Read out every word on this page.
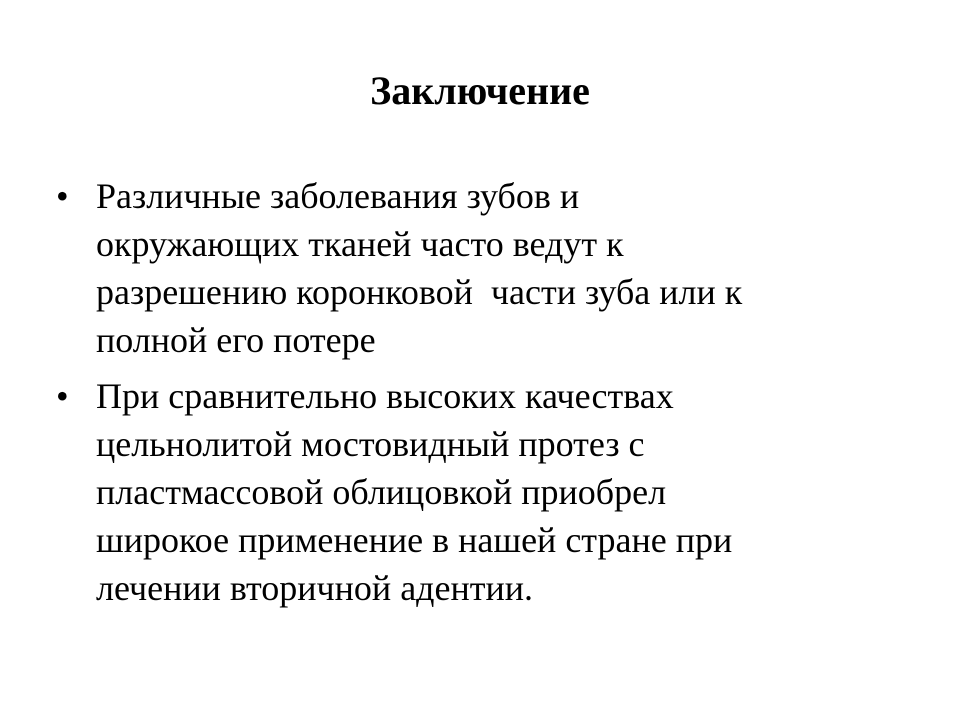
Заключение
• Различные заболевания зубов и
окружающих тканей часто ведут к
разрешению коронковой  части зуба или к
полной его потере
• При сравнительно высоких качествах
цельнолитой мостовидный протез с
пластмассовой облицовкой приобрел
широкое применение в нашей стране при
лечении вторичной адентии.
